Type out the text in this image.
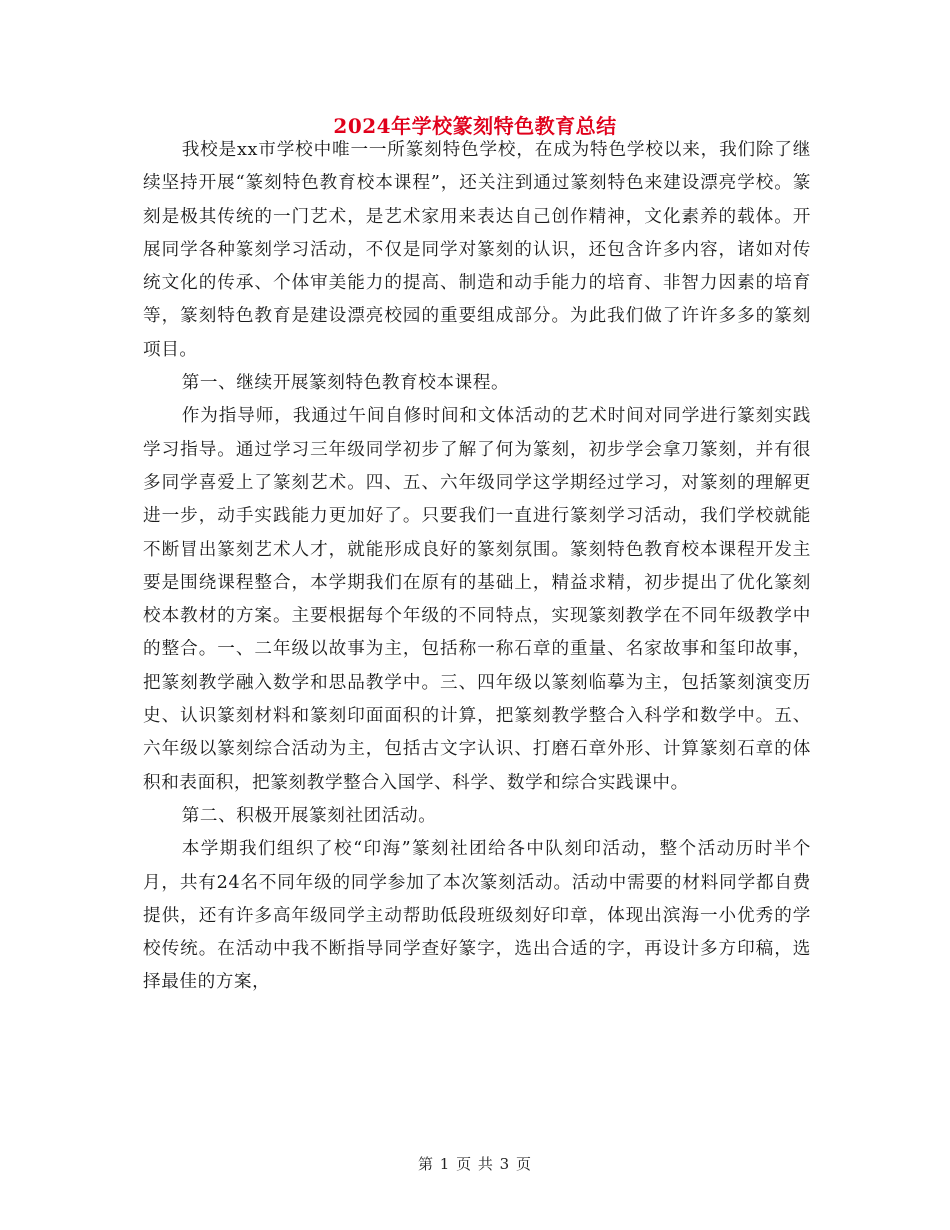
2024年学校篆刻特色教育总结

我校是xx市学校中唯一一所篆刻特色学校，在成为特色学校以来，我们除了继续坚持开展“篆刻特色教育校本课程”，还关注到通过篆刻特色来建设漂亮学校。篆刻是极其传统的一门艺术，是艺术家用来表达自己创作精神，文化素养的载体。开展同学各种篆刻学习活动，不仅是同学对篆刻的认识，还包含许多内容，诸如对传统文化的传承、个体审美能力的提高、制造和动手能力的培育、非智力因素的培育等，篆刻特色教育是建设漂亮校园的重要组成部分。为此我们做了许许多多的篆刻项目。

第一、继续开展篆刻特色教育校本课程。

作为指导师，我通过午间自修时间和文体活动的艺术时间对同学进行篆刻实践学习指导。通过学习三年级同学初步了解了何为篆刻，初步学会拿刀篆刻，并有很多同学喜爱上了篆刻艺术。四、五、六年级同学这学期经过学习，对篆刻的理解更进一步，动手实践能力更加好了。只要我们一直进行篆刻学习活动，我们学校就能不断冒出篆刻艺术人才，就能形成良好的篆刻氛围。篆刻特色教育校本课程开发主要是围绕课程整合，本学期我们在原有的基础上，精益求精，初步提出了优化篆刻校本教材的方案。主要根据每个年级的不同特点，实现篆刻教学在不同年级教学中的整合。一、二年级以故事为主，包括称一称石章的重量、名家故事和玺印故事，把篆刻教学融入数学和思品教学中。三、四年级以篆刻临摹为主，包括篆刻演变历史、认识篆刻材料和篆刻印面面积的计算，把篆刻教学整合入科学和数学中。五、六年级以篆刻综合活动为主，包括古文字认识、打磨石章外形、计算篆刻石章的体积和表面积，把篆刻教学整合入国学、科学、数学和综合实践课中。

第二、积极开展篆刻社团活动。

本学期我们组织了校“印海”篆刻社团给各中队刻印活动，整个活动历时半个月，共有24名不同年级的同学参加了本次篆刻活动。活动中需要的材料同学都自费提供，还有许多高年级同学主动帮助低段班级刻好印章，体现出滨海一小优秀的学校传统。在活动中我不断指导同学查好篆字，选出合适的字，再设计多方印稿，选择最佳的方案，

第 1 页 共 3 页
